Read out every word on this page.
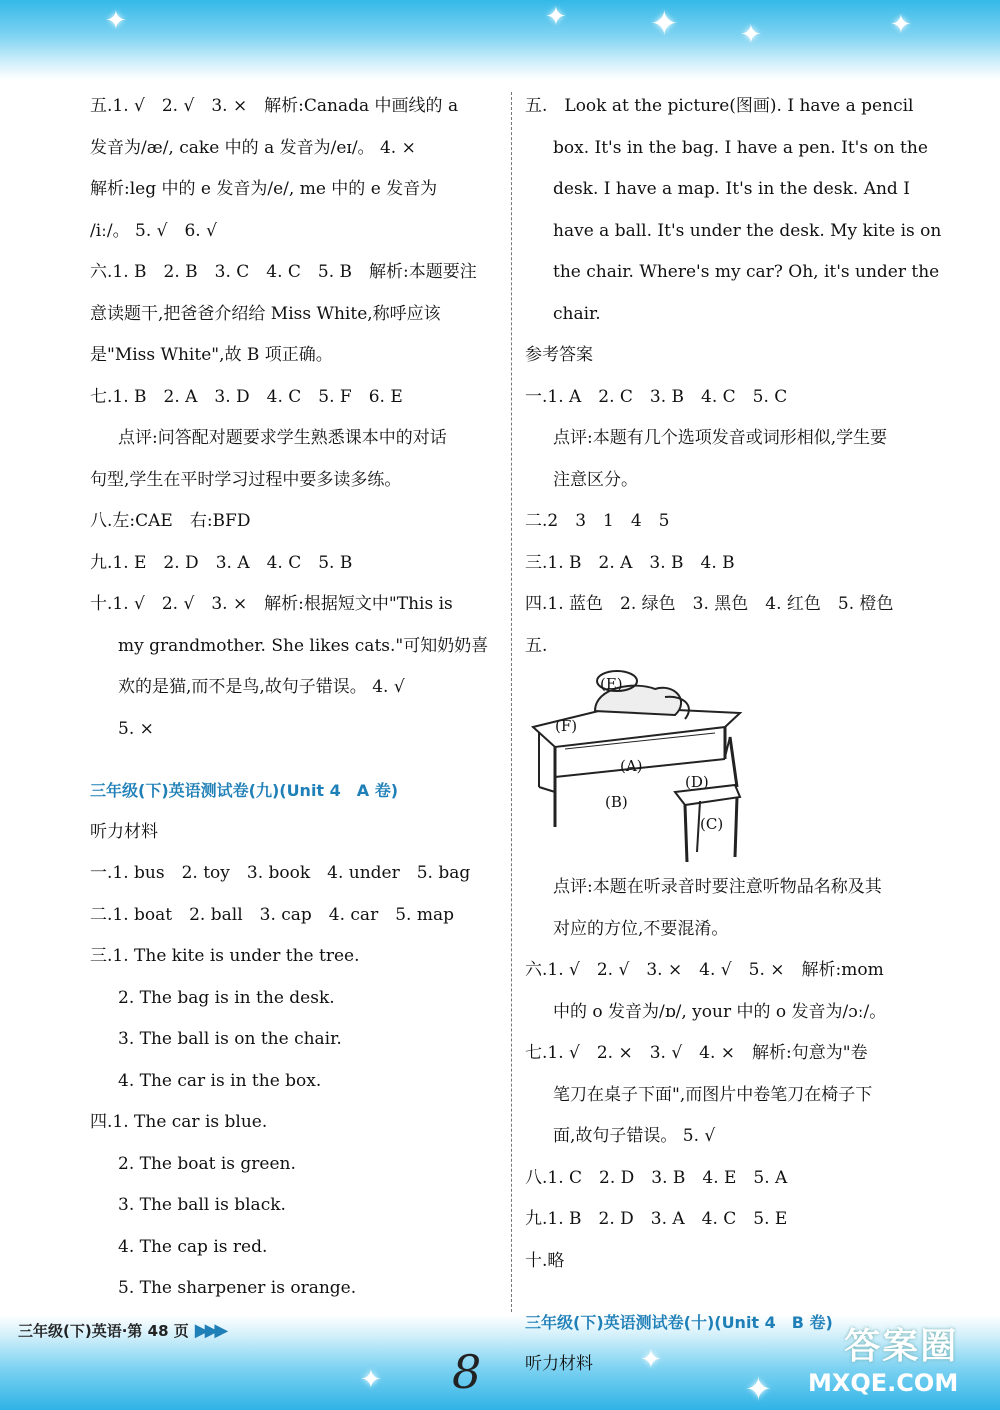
✦	✦ ✦ ✦	✦
✦
✦
✦
五.1. √　2. √　3. ×　解析:Canada 中画线的 a
发音为/æ/, cake 中的 a 发音为/eɪ/。 4. ×
解析:leg 中的 e 发音为/e/, me 中的 e 发音为
/iː/。 5. √　6. √
六.1. B　2. B　3. C　4. C　5. B　解析:本题要注
意读题干,把爸爸介绍给 Miss White,称呼应该
是"Miss White",故 B 项正确。
七.1. B　2. A　3. D　4. C　5. F　6. E
点评:问答配对题要求学生熟悉课本中的对话
句型,学生在平时学习过程中要多读多练。
八.左:CAE　右:BFD
九.1. E　2. D　3. A　4. C　5. B
十.1. √　2. √　3. ×　解析:根据短文中"This is
my grandmother. She likes cats."可知奶奶喜
欢的是猫,而不是鸟,故句子错误。 4. √
5. ×
三年级(下)英语测试卷(九)(Unit 4　A 卷)
听力材料
一.1. bus　2. toy　3. book　4. under　5. bag
二.1. boat　2. ball　3. cap　4. car　5. map
三.1. The kite is under the tree.
2. The bag is in the desk.
3. The ball is on the chair.
4. The car is in the box.
四.1. The car is blue.
2. The boat is green.
3. The ball is black.
4. The cap is red.
5. The sharpener is orange.
五.　Look at the picture(图画). I have a pencil
box. It's in the bag. I have a pen. It's on the
desk. I have a map. It's in the desk. And I
have a ball. It's under the desk. My kite is on
the chair. Where's my car? Oh, it's under the
chair.
参考答案
一.1. A　2. C　3. B　4. C　5. C
点评:本题有几个选项发音或词形相似,学生要
注意区分。
二.2　3　1　4　5
三.1. B　2. A　3. B　4. B
四.1. 蓝色　2. 绿色　3. 黑色　4. 红色　5. 橙色
五.
(E)
(F)
(A)
(B)
(D)
(C)
点评:本题在听录音时要注意听物品名称及其
对应的方位,不要混淆。
六.1. √　2. √　3. ×　4. √　5. ×　解析:mom
中的 o 发音为/ɒ/, your 中的 o 发音为/ɔː/。
七.1. √　2. ×　3. √　4. ×　解析:句意为"卷
笔刀在桌子下面",而图片中卷笔刀在椅子下
面,故句子错误。 5. √
八.1. C　2. D　3. B　4. E　5. A
九.1. B　2. D　3. A　4. C　5. E
十.略
三年级(下)英语测试卷(十)(Unit 4　B 卷)
听力材料
三年级(下)英语·第 48 页 ▶▶▶
8	答案圈
MXQE.COM
